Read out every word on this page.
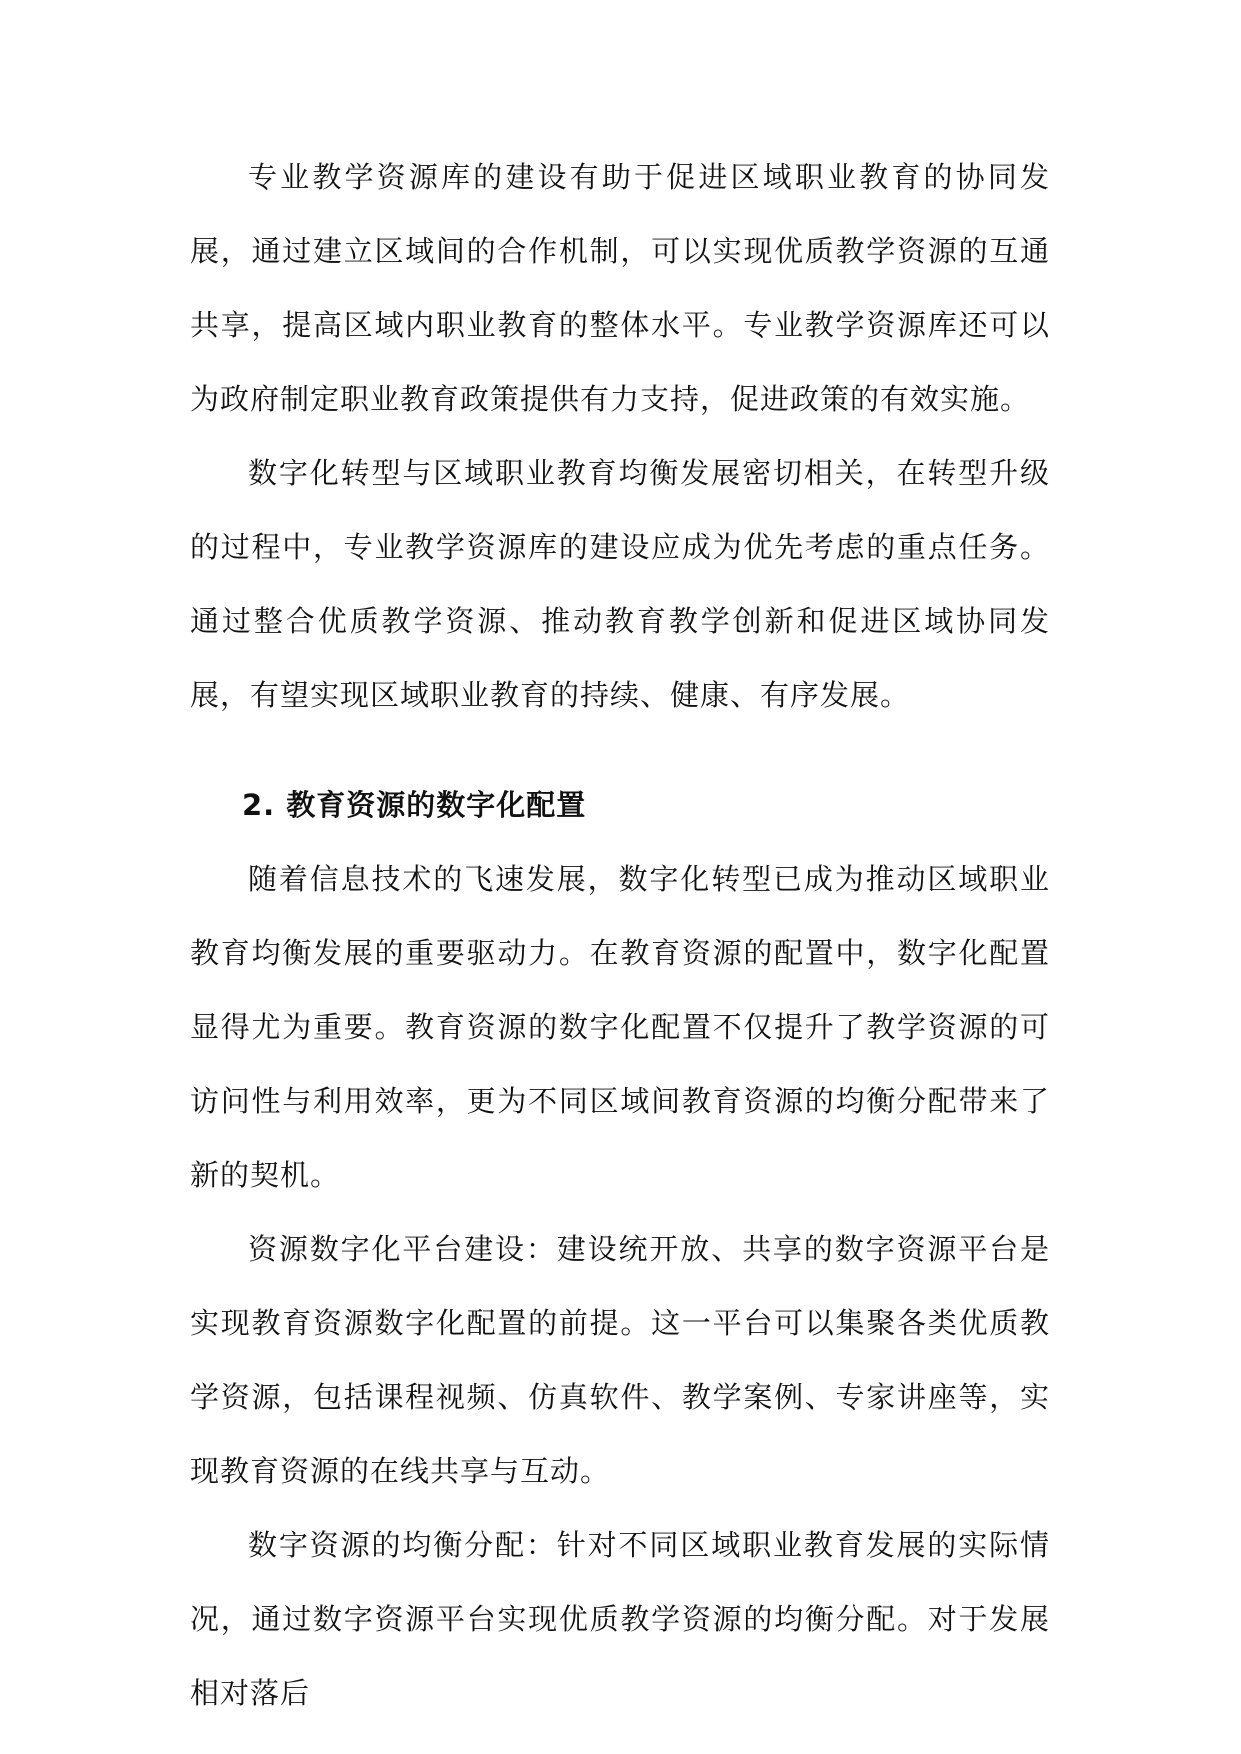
专业教学资源库的建设有助于促进区域职业教育的协同发展，通过建立区域间的合作机制，可以实现优质教学资源的互通共享，提高区域内职业教育的整体水平。专业教学资源库还可以为政府制定职业教育政策提供有力支持，促进政策的有效实施。

数字化转型与区域职业教育均衡发展密切相关，在转型升级的过程中，专业教学资源库的建设应成为优先考虑的重点任务。通过整合优质教学资源、推动教育教学创新和促进区域协同发展，有望实现区域职业教育的持续、健康、有序发展。

2. 教育资源的数字化配置

随着信息技术的飞速发展，数字化转型已成为推动区域职业教育均衡发展的重要驱动力。在教育资源的配置中，数字化配置显得尤为重要。教育资源的数字化配置不仅提升了教学资源的可访问性与利用效率，更为不同区域间教育资源的均衡分配带来了新的契机。

资源数字化平台建设：建设统开放、共享的数字资源平台是实现教育资源数字化配置的前提。这一平台可以集聚各类优质教学资源，包括课程视频、仿真软件、教学案例、专家讲座等，实现教育资源的在线共享与互动。

数字资源的均衡分配：针对不同区域职业教育发展的实际情况，通过数字资源平台实现优质教学资源的均衡分配。对于发展相对落后
